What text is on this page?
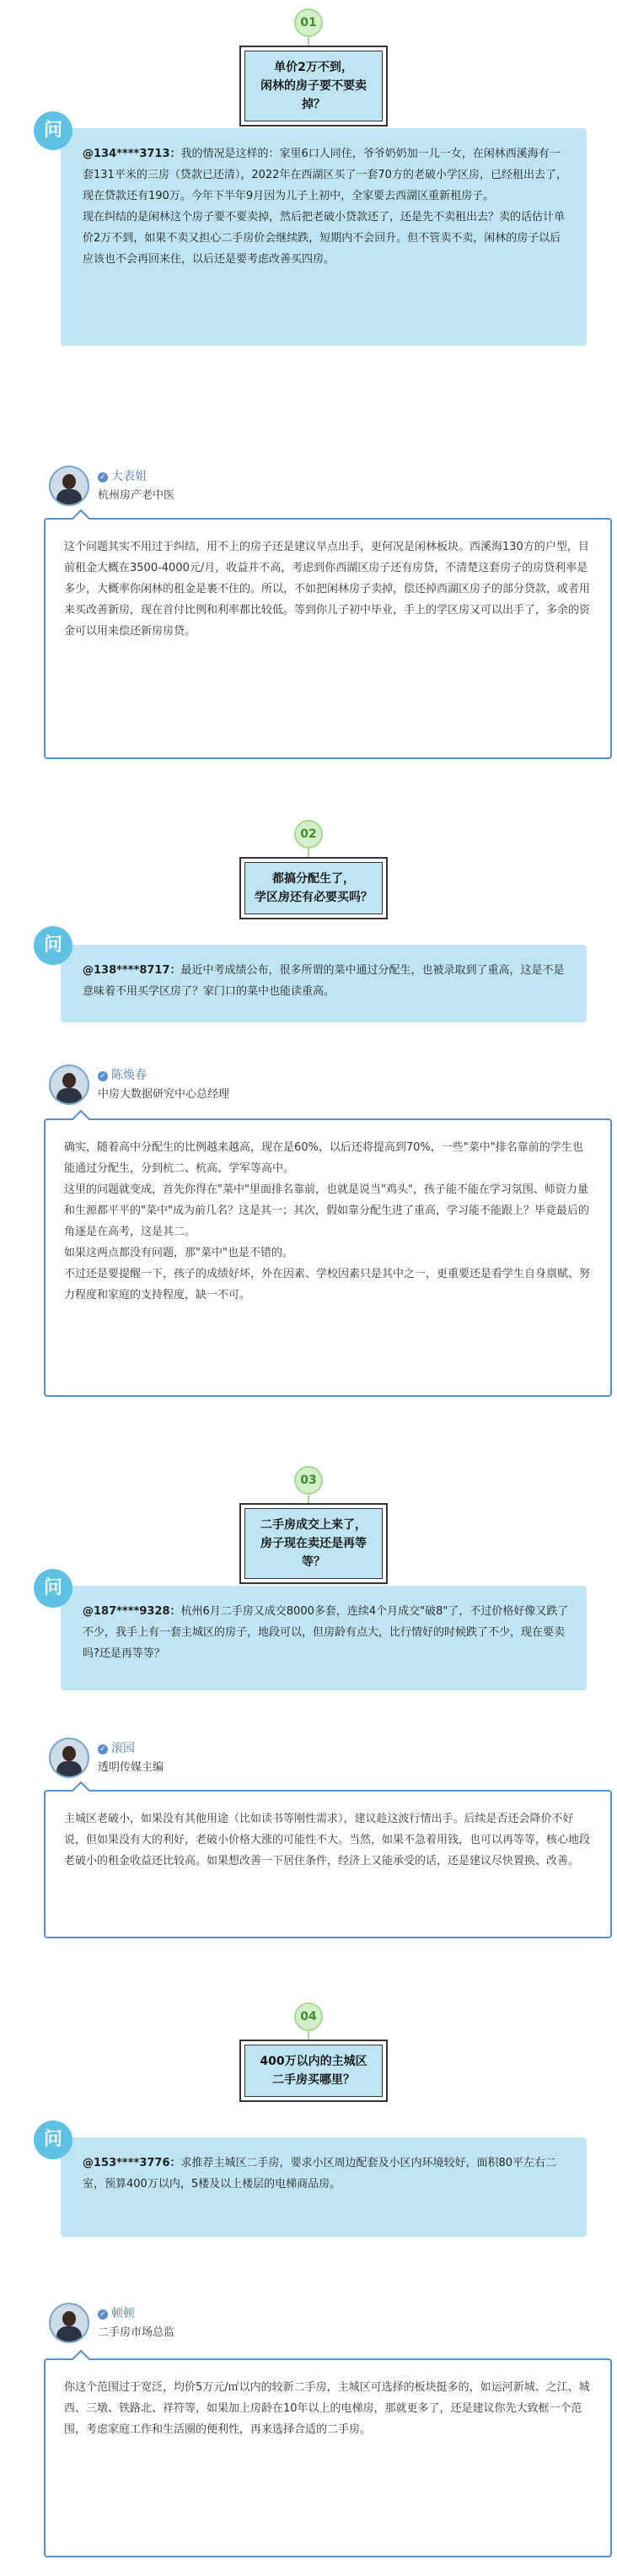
01
单价2万不到，
闲林的房子要不要卖掉？

@134****3713：我的情况是这样的：家里6口人同住，爷爷奶奶加一儿一女，在闲林西溪海有一套131平米的三房（贷款已还清），2022年在西湖区买了一套70方的老破小学区房，已经租出去了，现在贷款还有190万。今年下半年9月因为儿子上初中，全家要去西湖区重新租房子。

现在纠结的是闲林这个房子要不要卖掉，然后把老破小贷款还了，还是先不卖租出去？卖的话估计单价2万不到，如果不卖又担心二手房价会继续跌，短期内不会回升。但不管卖不卖，闲林的房子以后应该也不会再回来住，以后还是要考虑改善买四房。

问
✓ 大表姐
杭州房产老中医

这个问题其实不用过于纠结，用不上的房子还是建议早点出手，更何况是闲林板块。西溪海130方的户型，目前租金大概在3500-4000元/月，收益并不高，考虑到你西湖区房子还有房贷，不清楚这套房子的房贷利率是多少，大概率你闲林的租金是裹不住的。所以，不如把闲林房子卖掉，偿还掉西湖区房子的部分贷款，或者用来买改善新房，现在首付比例和利率都比较低。等到你儿子初中毕业，手上的学区房又可以出手了，多余的资金可以用来偿还新房房贷。

02
都搞分配生了，
学区房还有必要买吗？

@138****8717：最近中考成绩公布，很多所谓的菜中通过分配生，也被录取到了重高，这是不是意味着不用买学区房了？家门口的菜中也能读重高。

问
✓ 陈焕春
中房大数据研究中心总经理

确实，随着高中分配生的比例越来越高，现在是60%，以后还将提高到70%，一些"菜中"排名靠前的学生也能通过分配生，分到杭二、杭高、学军等高中。

这里的问题就变成，首先你得在"菜中"里面排名靠前，也就是说当"鸡头"，孩子能不能在学习氛围、师资力量和生源都平平的"菜中"成为前几名？这是其一；其次，假如靠分配生进了重高，学习能不能跟上？毕竟最后的角逐是在高考，这是其二。

如果这两点都没有问题，那"菜中"也是不错的。

不过还是要提醒一下，孩子的成绩好坏，外在因素、学校因素只是其中之一，更重要还是看学生自身禀赋、努力程度和家庭的支持程度，缺一不可。

03
二手房成交上来了，
房子现在卖还是再等等？

@187****9328：杭州6月二手房又成交8000多套，连续4个月成交"破8"了，不过价格好像又跌了不少，我手上有一套主城区的房子，地段可以，但房龄有点大，比行情好的时候跌了不少，现在要卖吗?还是再等等？

问
✓ 滚园
透明传媒主编

主城区老破小，如果没有其他用途（比如读书等刚性需求），建议趁这波行情出手。后续是否还会降价不好说，但如果没有大的利好，老破小价格大涨的可能性不大。当然，如果不急着用钱，也可以再等等，核心地段老破小的租金收益还比较高。如果想改善一下居住条件，经济上又能承受的话，还是建议尽快置换、改善。

04
400万以内的主城区
二手房买哪里？

@153****3776：求推荐主城区二手房，要求小区周边配套及小区内环境较好，面积80平左右二室，预算400万以内，5楼及以上楼层的电梯商品房。

问
✓ 顿顿
二手房市场总监

你这个范围过于宽泛，均价5万元/㎡以内的较新二手房，主城区可选择的板块挺多的，如运河新城、之江、城西、三墩、铁路北、祥符等，如果加上房龄在10年以上的电梯房，那就更多了，还是建议你先大致框一个范围，考虑家庭工作和生活圈的便利性，再来选择合适的二手房。
